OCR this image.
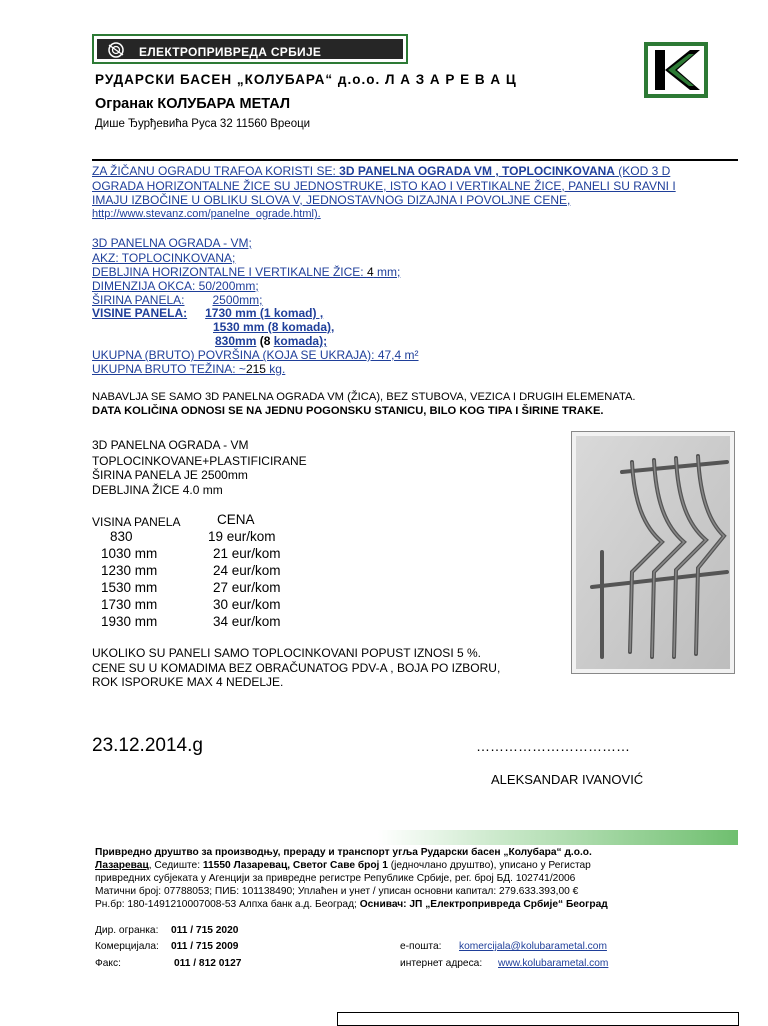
ЕЛЕКТРОПРИВРЕДА СРБИЈЕ
РУДАРСКИ БАСЕН „КОЛУБАРА“ д.о.о. Л А З А Р Е В А Ц
Огранак КОЛУБАРА МЕТАЛ
Дише Ђурђевића Руса 32 11560 Вреоци
ZA ŽIČANU OGRADU TRAFOA KORISTI SE: 3D PANELNA OGRADA VM , TOPLOCINKOVANA (KOD 3 D
OGRADA HORIZONTALNE ŽICE SU JEDNOSTRUKE, ISTO KAO I VERTIKALNE ŽICE, PANELI SU RAVNI I
IMAJU IZBOČINE U OBLIKU SLOVA V, JEDNOSTAVNOG DIZAJNA I POVOLJNE CENE,
http://www.stevanz.com/panelne_ograde.html).
3D PANELNA OGRADA - VM;
AKZ: TOPLOCINKOVANA;
DEBLJINA HORIZONTALNE I VERTIKALNE ŽICE: 4 mm;
DIMENZIJA OKCA: 50/200mm;
ŠIRINA PANELA: 2500mm;
VISINE PANELA: 1730 mm (1 komad) ,
1530 mm (8 komada),
830mm (8 komada);
UKUPNA (BRUTO) POVRŠINA (KOJA SE UKRAJA): 47,4 m²
UKUPNA BRUTO TEŽINA: ~215 kg.
NABAVLJA SE SAMO 3D PANELNA OGRADA VM (ŽICA), BEZ STUBOVA, VEZICA I DRUGIH ELEMENATA.
DATA KOLIČINA ODNOSI SE NA JEDNU POGONSKU STANICU, BILO KOG TIPA I ŠIRINE TRAKE.
3D PANELNA OGRADA - VM
TOPLOCINKOVANE+PLASTIFICIRANE
ŠIRINA PANELA JE 2500mm
DEBLJINA ŽICE 4.0 mm
VISINA PANELA	CENA
830	19 eur/kom
1030 mm	21 eur/kom
1230 mm	24 eur/kom
1530 mm	27 eur/kom
1730 mm	30 eur/kom
1930 mm	34 eur/kom
UKOLIKO SU PANELI SAMO TOPLOCINKOVANI POPUST IZNOSI 5 %.
CENE SU U KOMADIMA BEZ OBRAČUNATOG PDV-A , BOJA PO IZBORU,
ROK ISPORUKE MAX 4 NEDELJE.
23.12.2014.g	……………………………
ALEKSANDAR IVANOVIĆ
Привредно друштво за производњу, прераду и транспорт угља Рударски басен „Колубара“ д.о.о.
Лазаревац, Седиште: 11550 Лазаревац, Светог Саве број 1 (једночлано друштво), уписано у Регистар
привредних субјеката у Агенцији за привредне регистре Републике Србије, рег. број БД. 102741/2006
Матични број: 07788053; ПИБ: 101138490; Уплаћен и унет / уписан основни капитал: 279.633.393,00 €
Рн.бр: 180-1491210007008-53 Алпха банк а.д. Београд; Оснивач: ЈП „Електропривреда Србије“ Београд
Дир. огранка: 011 / 715 2020
Комерцијала: 011 / 715 2009
Факс:	011 / 812 0127
е-пошта: komercijala@kolubarametal.com
интернет адреса: www.kolubarametal.com
